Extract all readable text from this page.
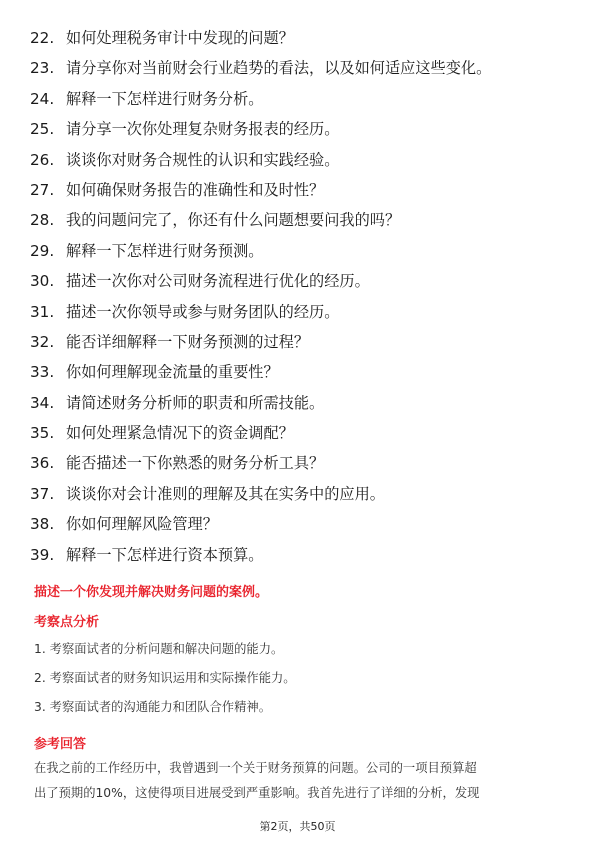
22. 如何处理税务审计中发现的问题？
23. 请分享你对当前财会行业趋势的看法，以及如何适应这些变化。
24. 解释一下怎样进行财务分析。
25. 请分享一次你处理复杂财务报表的经历。
26. 谈谈你对财务合规性的认识和实践经验。
27. 如何确保财务报告的准确性和及时性？
28. 我的问题问完了，你还有什么问题想要问我的吗？
29. 解释一下怎样进行财务预测。
30. 描述一次你对公司财务流程进行优化的经历。
31. 描述一次你领导或参与财务团队的经历。
32. 能否详细解释一下财务预测的过程？
33. 你如何理解现金流量的重要性？
34. 请简述财务分析师的职责和所需技能。
35. 如何处理紧急情况下的资金调配？
36. 能否描述一下你熟悉的财务分析工具？
37. 谈谈你对会计准则的理解及其在实务中的应用。
38. 你如何理解风险管理？
39. 解释一下怎样进行资本预算。
描述一个你发现并解决财务问题的案例。
考察点分析
1. 考察面试者的分析问题和解决问题的能力。
2. 考察面试者的财务知识运用和实际操作能力。
3. 考察面试者的沟通能力和团队合作精神。
参考回答

在我之前的工作经历中，我曾遇到一个关于财务预算的问题。公司的一项目预算超

出了预期的10%，这使得项目进展受到严重影响。我首先进行了详细的分析，发现

第2页，共50页
